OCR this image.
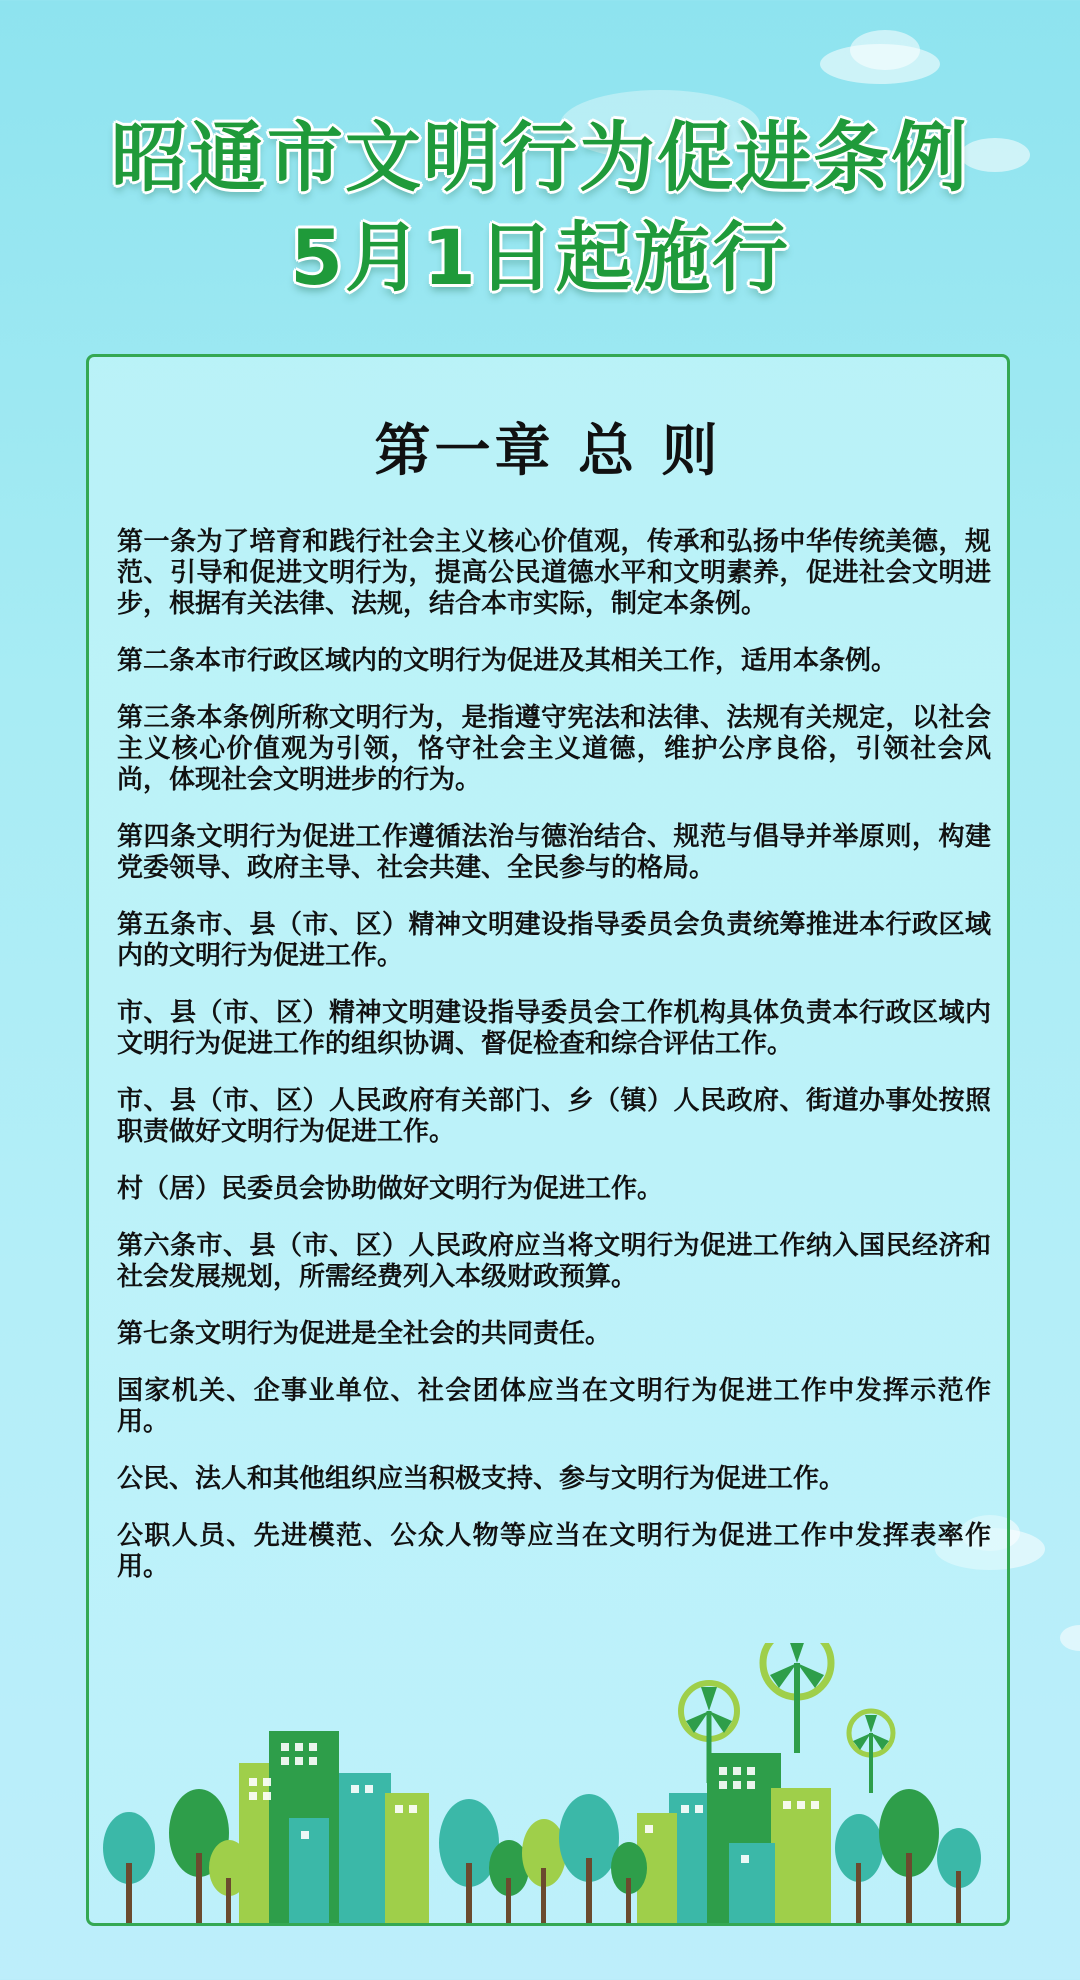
昭通市文明行为促进条例
5月1日起施行
第一章 总 则

第一条为了培育和践行社会主义核心价值观，传承和弘扬中华传统美德，规范、引导和促进文明行为，提高公民道德水平和文明素养，促进社会文明进步，根据有关法律、法规，结合本市实际，制定本条例。

第二条本市行政区域内的文明行为促进及其相关工作，适用本条例。

第三条本条例所称文明行为，是指遵守宪法和法律、法规有关规定，以社会主义核心价值观为引领，恪守社会主义道德，维护公序良俗，引领社会风尚，体现社会文明进步的行为。

第四条文明行为促进工作遵循法治与德治结合、规范与倡导并举原则，构建党委领导、政府主导、社会共建、全民参与的格局。

第五条市、县（市、区）精神文明建设指导委员会负责统筹推进本行政区域内的文明行为促进工作。

市、县（市、区）精神文明建设指导委员会工作机构具体负责本行政区域内文明行为促进工作的组织协调、督促检查和综合评估工作。

市、县（市、区）人民政府有关部门、乡（镇）人民政府、街道办事处按照职责做好文明行为促进工作。

村（居）民委员会协助做好文明行为促进工作。

第六条市、县（市、区）人民政府应当将文明行为促进工作纳入国民经济和社会发展规划，所需经费列入本级财政预算。

第七条文明行为促进是全社会的共同责任。

国家机关、企事业单位、社会团体应当在文明行为促进工作中发挥示范作用。

公民、法人和其他组织应当积极支持、参与文明行为促进工作。

公职人员、先进模范、公众人物等应当在文明行为促进工作中发挥表率作用。
